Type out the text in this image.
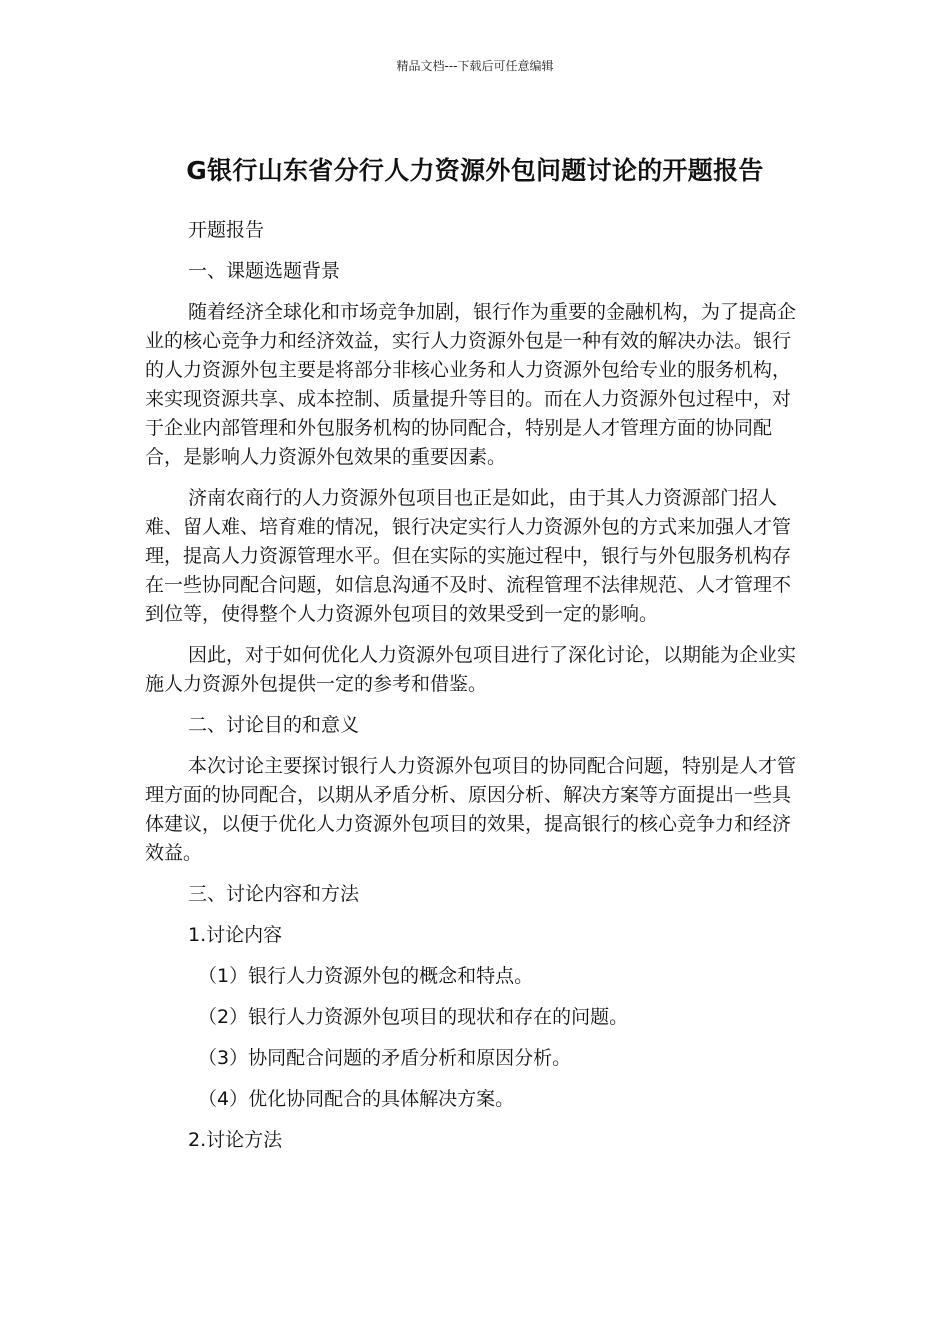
精品文档---下载后可任意编辑
G银行山东省分行人力资源外包问题讨论的开题报告

开题报告

一、课题选题背景

随着经济全球化和市场竞争加剧，银行作为重要的金融机构，为了提高企业的核心竞争力和经济效益，实行人力资源外包是一种有效的解决办法。银行的人力资源外包主要是将部分非核心业务和人力资源外包给专业的服务机构，来实现资源共享、成本控制、质量提升等目的。而在人力资源外包过程中，对于企业内部管理和外包服务机构的协同配合，特别是人才管理方面的协同配合，是影响人力资源外包效果的重要因素。

济南农商行的人力资源外包项目也正是如此，由于其人力资源部门招人难、留人难、培育难的情况，银行决定实行人力资源外包的方式来加强人才管理，提高人力资源管理水平。但在实际的实施过程中，银行与外包服务机构存在一些协同配合问题，如信息沟通不及时、流程管理不法律规范、人才管理不到位等，使得整个人力资源外包项目的效果受到一定的影响。

因此，对于如何优化人力资源外包项目进行了深化讨论，以期能为企业实施人力资源外包提供一定的参考和借鉴。

二、讨论目的和意义

本次讨论主要探讨银行人力资源外包项目的协同配合问题，特别是人才管理方面的协同配合，以期从矛盾分析、原因分析、解决方案等方面提出一些具体建议，以便于优化人力资源外包项目的效果，提高银行的核心竞争力和经济效益。

三、讨论内容和方法

1.讨论内容

（1）银行人力资源外包的概念和特点。

（2）银行人力资源外包项目的现状和存在的问题。

（3）协同配合问题的矛盾分析和原因分析。

（4）优化协同配合的具体解决方案。

2.讨论方法
